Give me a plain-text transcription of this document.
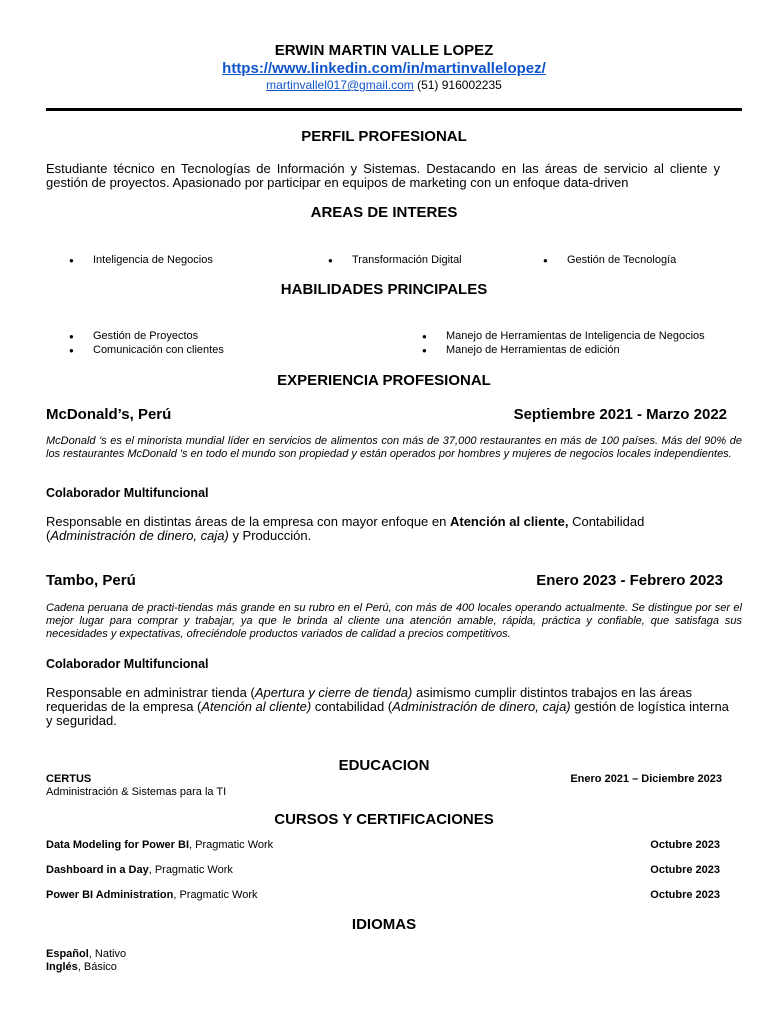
ERWIN MARTIN VALLE LOPEZ
https://www.linkedin.com/in/martinvallelopez/
martinvallel017@gmail.com (51) 916002235
PERFIL PROFESIONAL
Estudiante técnico en Tecnologías de Información y Sistemas. Destacando en las áreas de servicio al cliente y gestión de proyectos. Apasionado por participar en equipos de marketing con un enfoque data-driven
AREAS DE INTERES
● Inteligencia de Negocios	● Transformación Digital	● Gestión de Tecnología
HABILIDADES PRINCIPALES
● Gestión de Proyectos
● Comunicación con clientes
● Manejo de Herramientas de Inteligencia de Negocios
● Manejo de Herramientas de edición
EXPERIENCIA PROFESIONAL
McDonald’s, Perú	Septiembre 2021 - Marzo 2022
McDonald 's es el minorista mundial líder en servicios de alimentos con más de 37,000 restaurantes en más de 100 países. Más del 90% de los restaurantes McDonald 's en todo el mundo son propiedad y están operados por hombres y mujeres de negocios locales independientes.
Colaborador Multifuncional
Responsable en distintas áreas de la empresa con mayor enfoque en Atención al cliente, Contabilidad (Administración de dinero, caja) y Producción.
Tambo, Perú	Enero 2023 - Febrero 2023
Cadena peruana de practi-tiendas más grande en su rubro en el Perú, con más de 400 locales operando actualmente. Se distingue por ser el mejor lugar para comprar y trabajar, ya que le brinda al cliente una atención amable, rápida, práctica y confiable, que satisfaga sus necesidades y expectativas, ofreciéndole productos variados de calidad a precios competitivos.
Colaborador Multifuncional
Responsable en administrar tienda (Apertura y cierre de tienda) asimismo cumplir distintos trabajos en las áreas requeridas de la empresa (Atención al cliente) contabilidad (Administración de dinero, caja) gestión de logística interna y seguridad.
EDUCACION
CERTUS
Administración & Sistemas para la TI
Enero 2021 – Diciembre 2023
CURSOS Y CERTIFICACIONES
Data Modeling for Power BI, Pragmatic Work	Octubre 2023
Dashboard in a Day, Pragmatic Work	Octubre 2023
Power BI Administration, Pragmatic Work	Octubre 2023
IDIOMAS
Español, Nativo
Inglés, Básico
